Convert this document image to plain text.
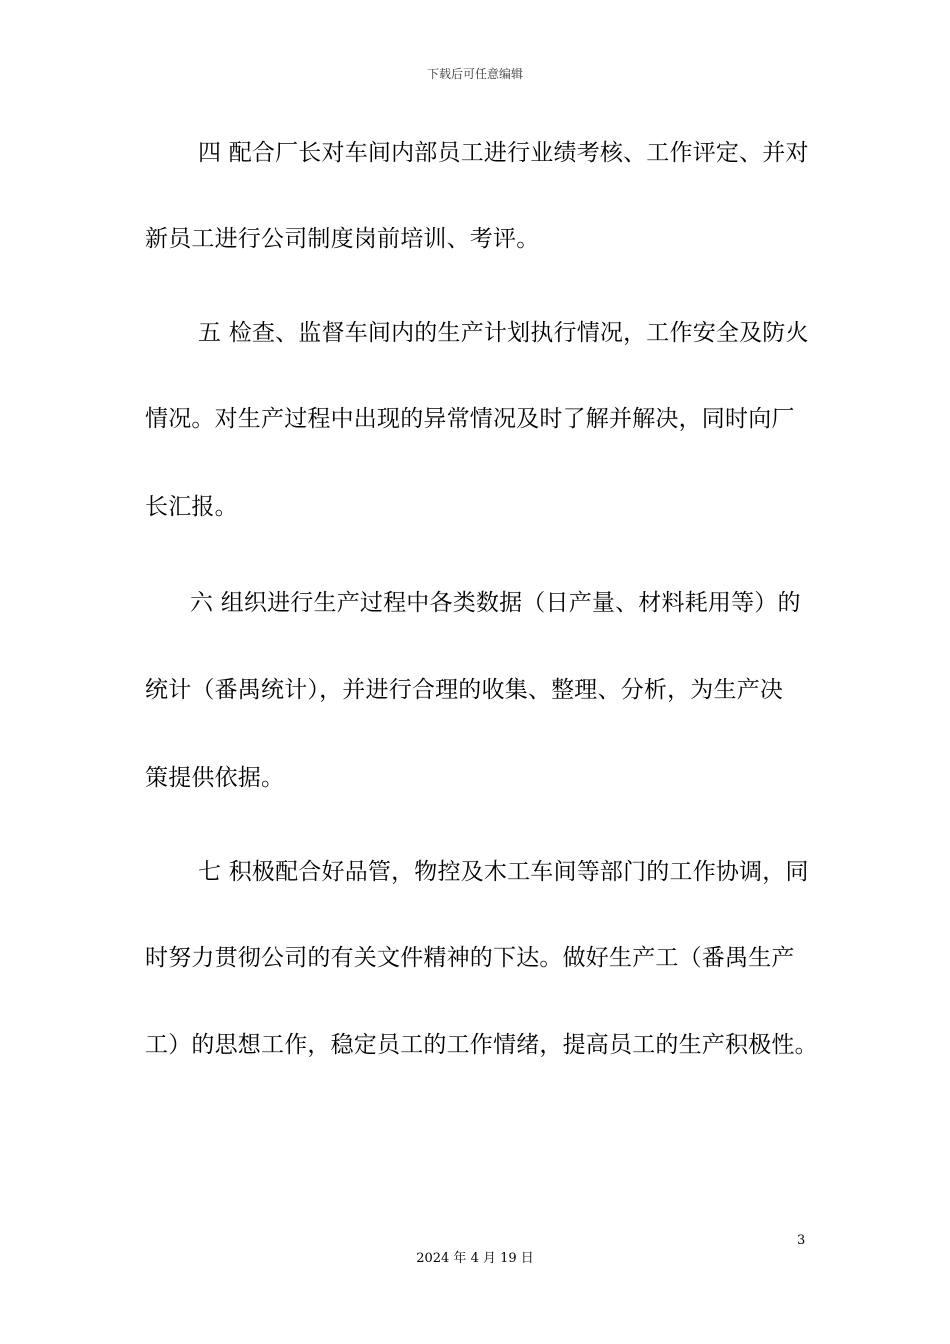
下载后可任意编辑
四 配合厂长对车间内部员工进行业绩考核、工作评定、并对
新员工进行公司制度岗前培训、考评。
五 检查、监督车间内的生产计划执行情况，工作安全及防火
情况。对生产过程中出现的异常情况及时了解并解决，同时向厂
长汇报。
六 组织进行生产过程中各类数据（日产量、材料耗用等）的
统计（番禺统计），并进行合理的收集、整理、分析，为生产决
策提供依据。
七 积极配合好品管，物控及木工车间等部门的工作协调，同
时努力贯彻公司的有关文件精神的下达。做好生产工（番禺生产
工）的思想工作，稳定员工的工作情绪，提高员工的生产积极性。
3
2024 年 4 月 19 日
